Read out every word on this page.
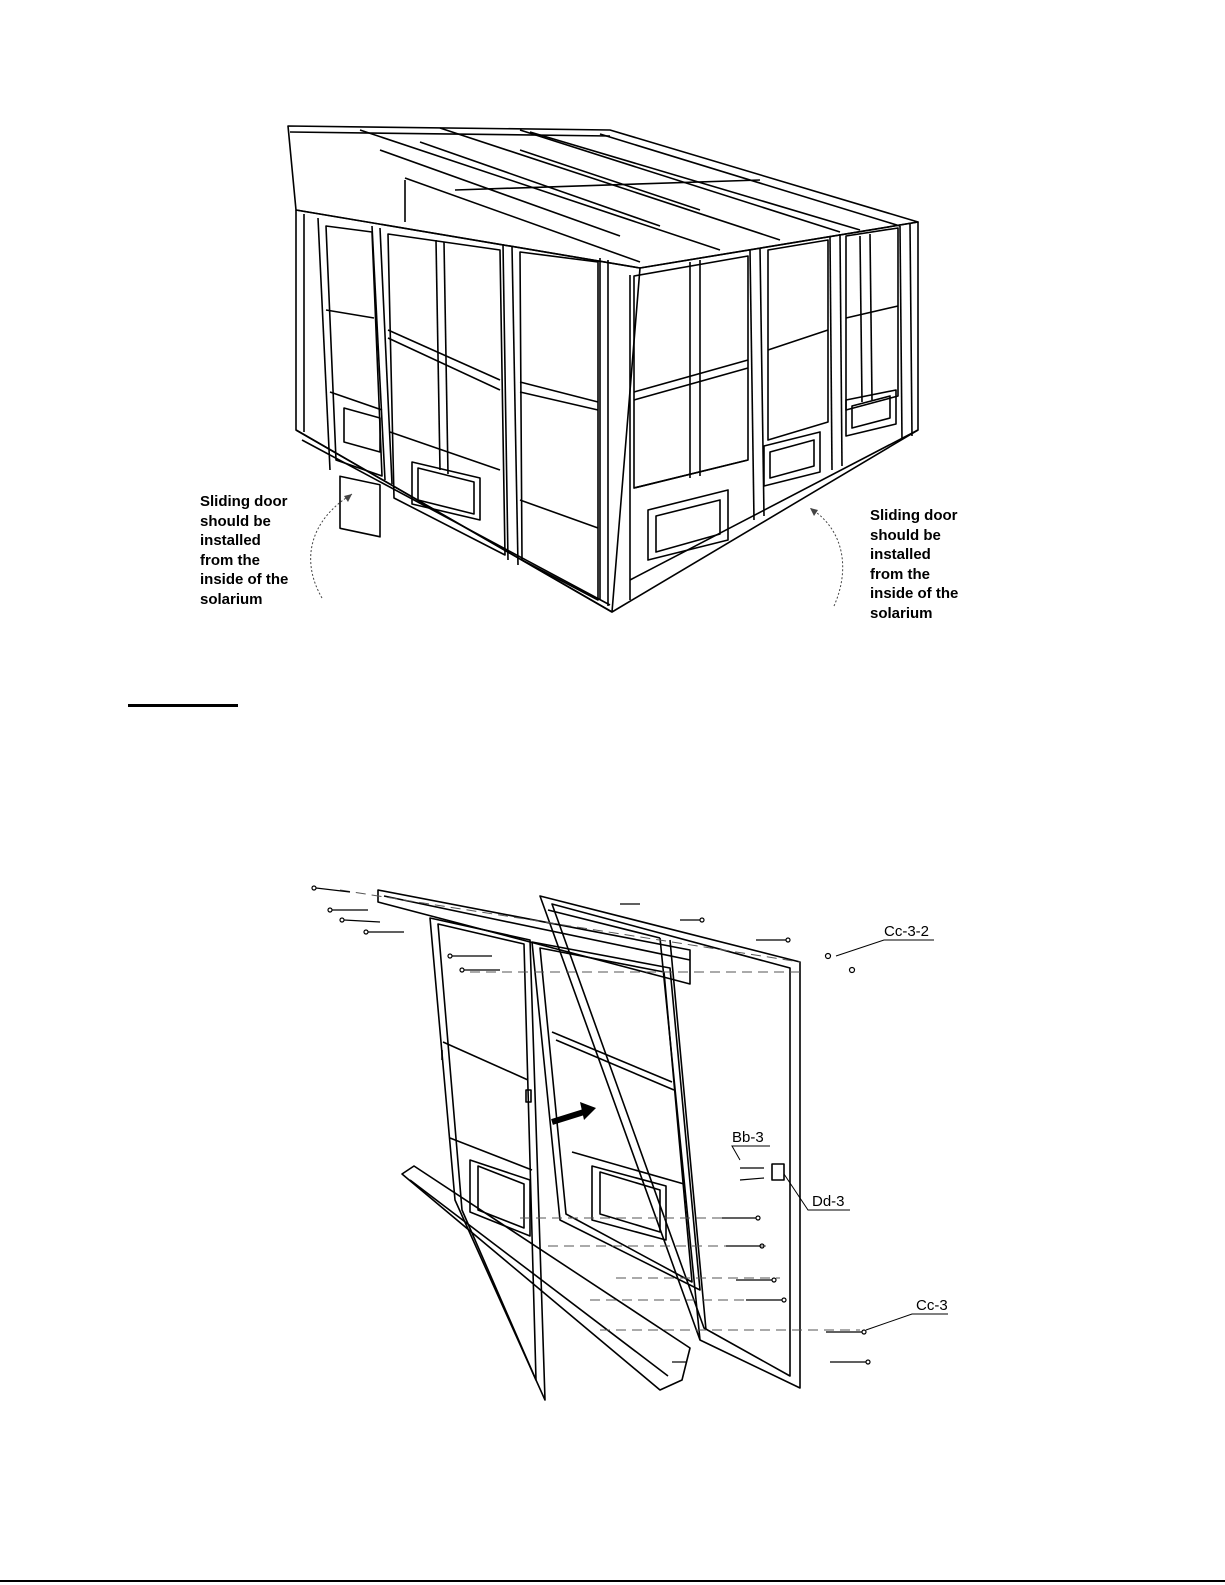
Sliding door
should be
installed
from the
inside of the
solarium
Sliding door
should be
installed
from the
inside of the
solarium
Cc-3-2
Bb-3
Dd-3
Cc-3
